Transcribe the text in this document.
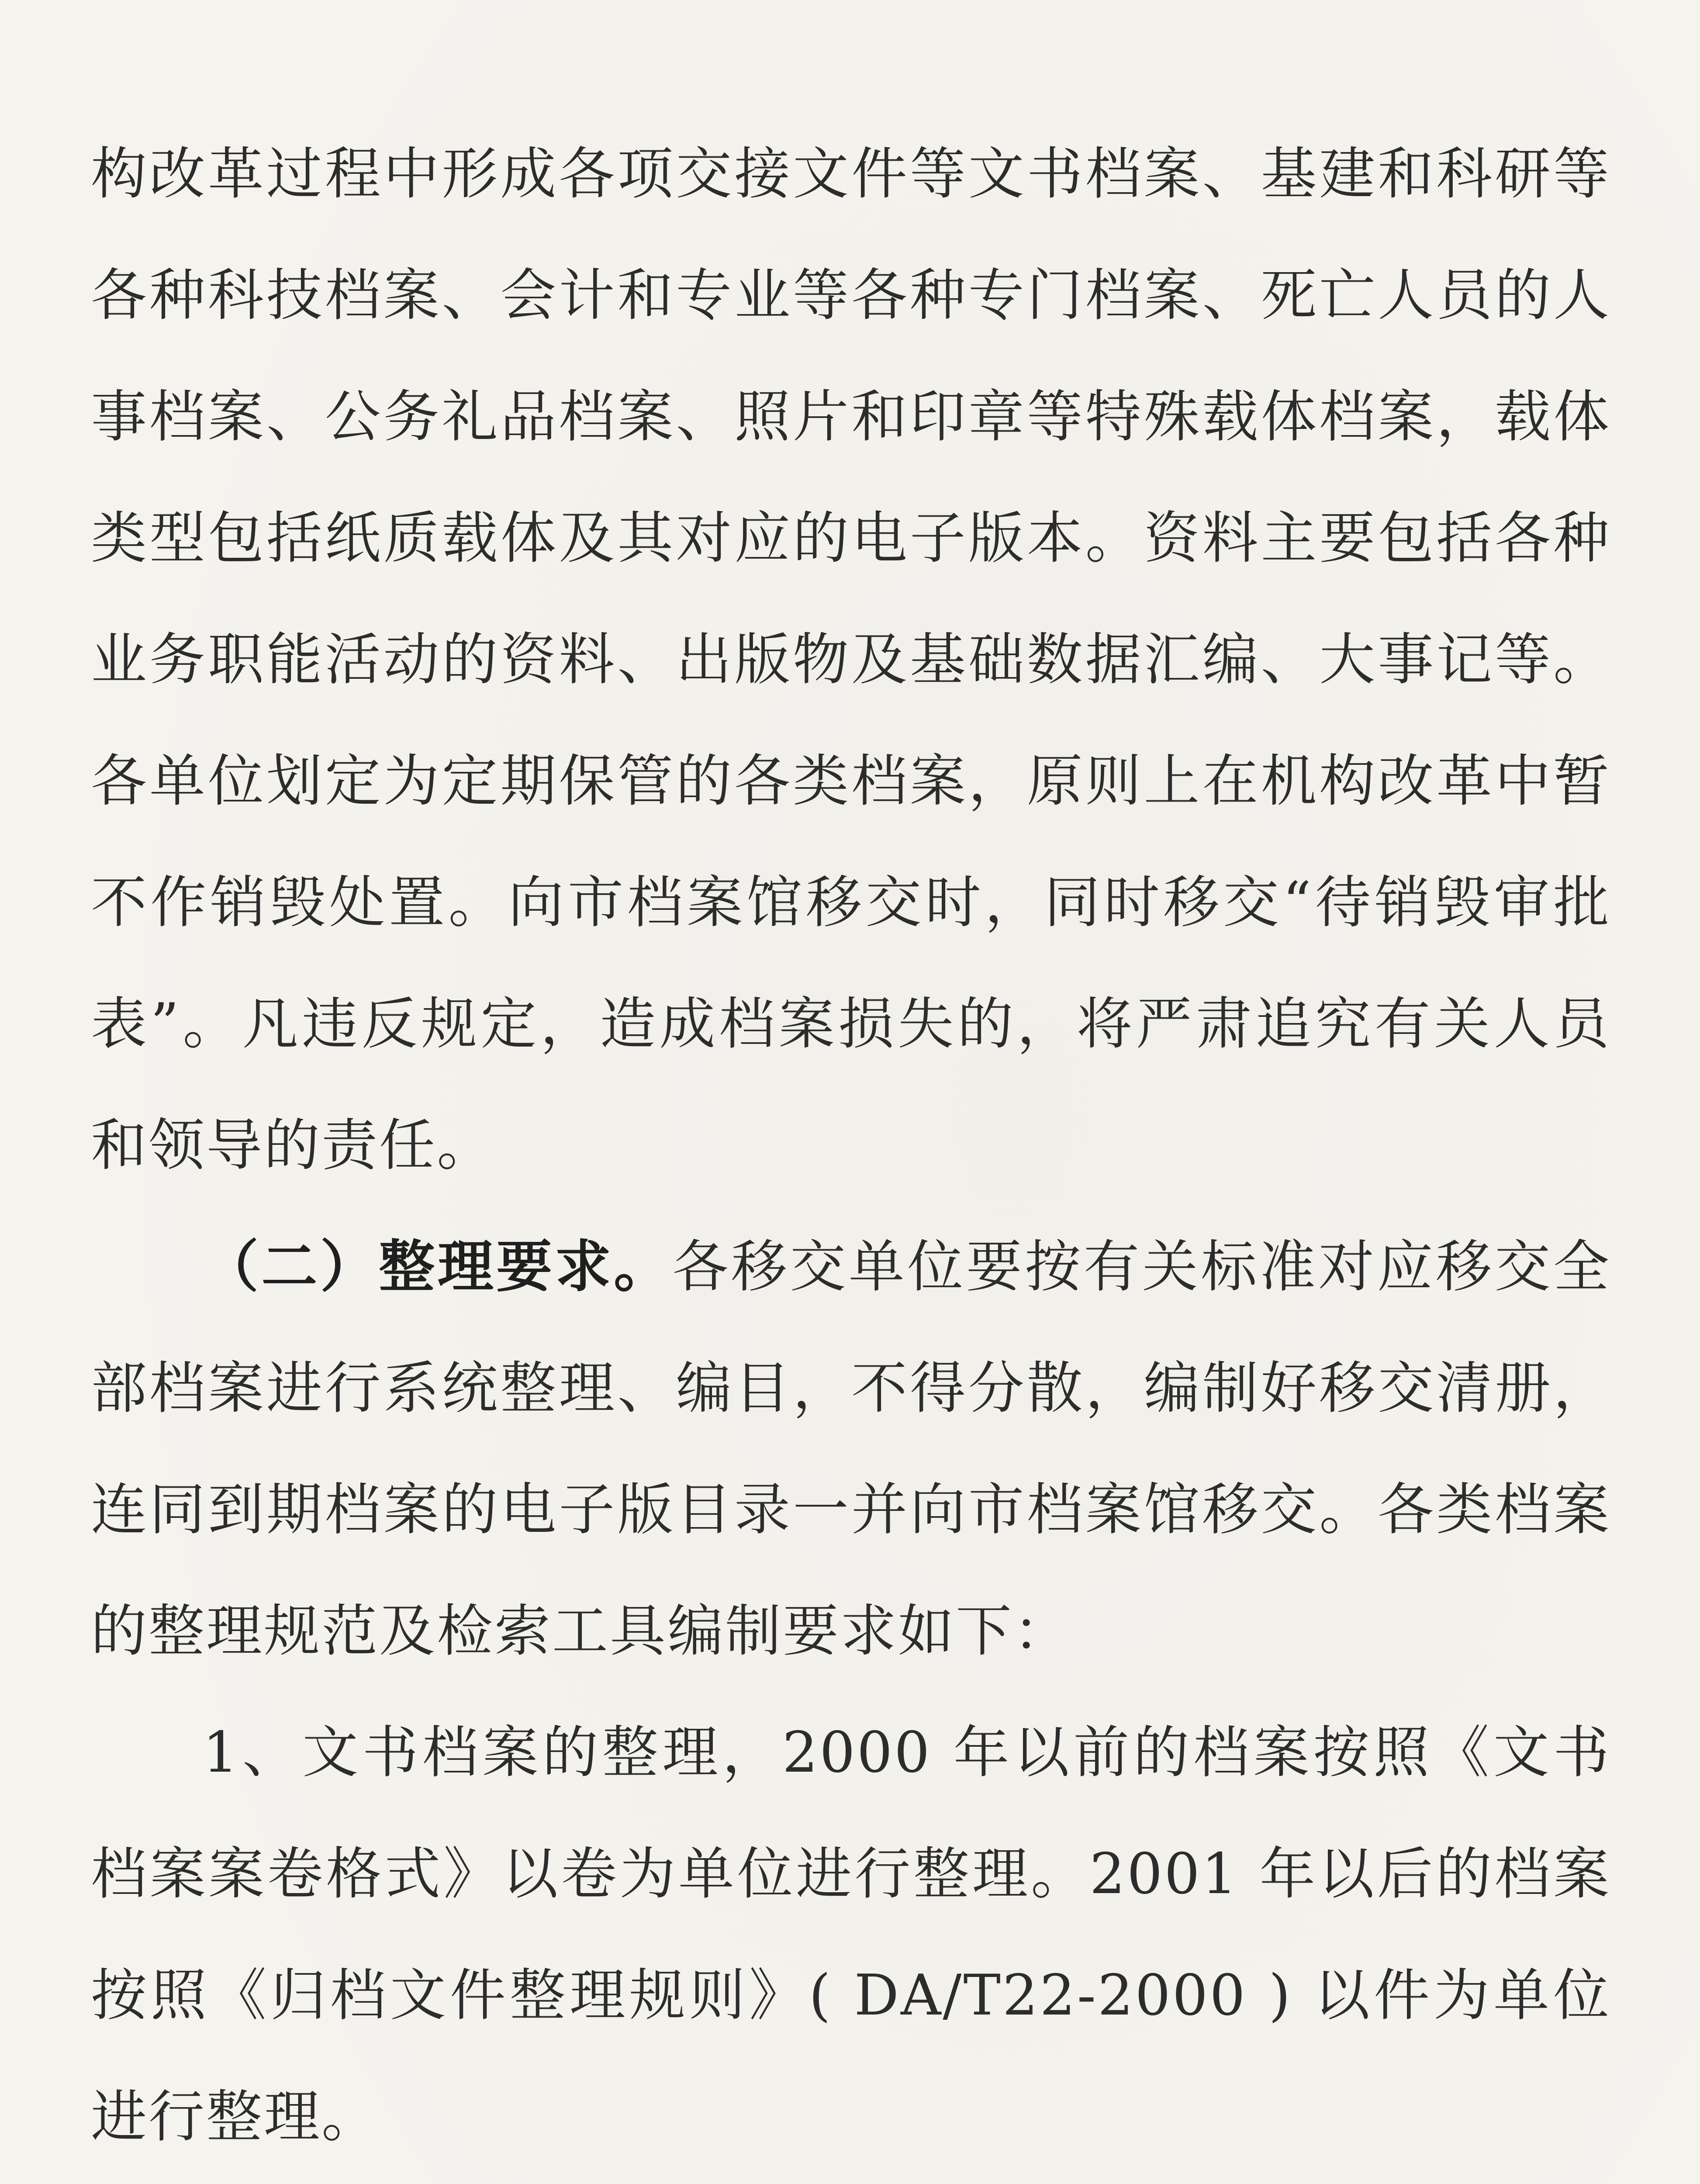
构改革过程中形成各项交接文件等文书档案、基建和科研等各种科技档案、会计和专业等各种专门档案、死亡人员的人事档案、公务礼品档案、照片和印章等特殊载体档案，载体类型包括纸质载体及其对应的电子版本。资料主要包括各种业务职能活动的资料、出版物及基础数据汇编、大事记等。各单位划定为定期保管的各类档案，原则上在机构改革中暂不作销毁处置。向市档案馆移交时，同时移交“待销毁审批表”。凡违反规定，造成档案损失的，将严肃追究有关人员和领导的责任。

（二）整理要求。各移交单位要按有关标准对应移交全部档案进行系统整理、编目，不得分散，编制好移交清册，连同到期档案的电子版目录一并向市档案馆移交。各类档案的整理规范及检索工具编制要求如下：

1、文书档案的整理，2000 年以前的档案按照《文书档案案卷格式》以卷为单位进行整理。2001 年以后的档案按照《归档文件整理规则》( DA/T22-2000 ) 以件为单位进行整理。
